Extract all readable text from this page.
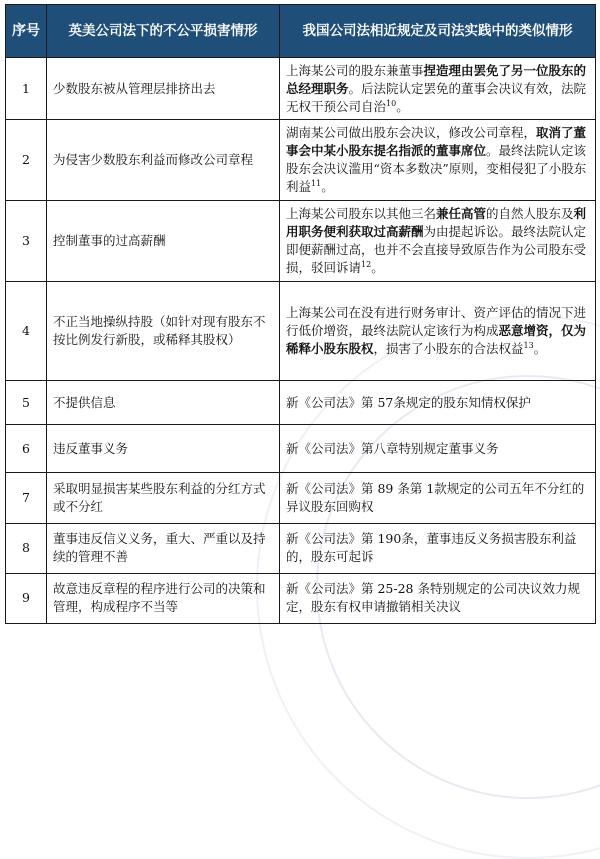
序号	英美公司法下的不公平损害情形	我国公司法相近规定及司法实践中的类似情形
1	少数股东被从管理层排挤出去	上海某公司的股东兼董事捏造理由罢免了另一位股东的总经理职务。后法院认定罢免的董事会决议有效，法院无权干预公司自治$^{10}$。
2	为侵害少数股东利益而修改公司章程	湖南某公司做出股东会决议，修改公司章程，取消了董事会中某小股东提名指派的董事席位。最终法院认定该股东会决议滥用“资本多数决”原则，变相侵犯了小股东利益$^{11}$。
3	控制董事的过高薪酬	上海某公司股东以其他三名兼任高管的自然人股东及利用职务便利获取过高薪酬为由提起诉讼。最终法院认定即便薪酬过高，也并不会直接导致原告作为公司股东受损，驳回诉请$^{12}$。
4	不正当地操纵持股（如针对现有股东不按比例发行新股，或稀释其股权）	上海某公司在没有进行财务审计、资产评估的情况下进行低价增资，最终法院认定该行为构成恶意增资，仅为稀释小股东股权，损害了小股东的合法权益$^{13}$。
5	不提供信息	新《公司法》第 57条规定的股东知情权保护
6	违反董事义务	新《公司法》第八章特别规定董事义务
7	采取明显损害某些股东利益的分红方式或不分红	新《公司法》第 89 条第 1款规定的公司五年不分红的异议股东回购权
8	董事违反信义义务，重大、严重以及持续的管理不善	新《公司法》第 190条，董事违反义务损害股东利益的，股东可起诉
9	故意违反章程的程序进行公司的决策和管理，构成程序不当等	新《公司法》第 25-28 条特别规定的公司决议效力规定，股东有权申请撤销相关决议
